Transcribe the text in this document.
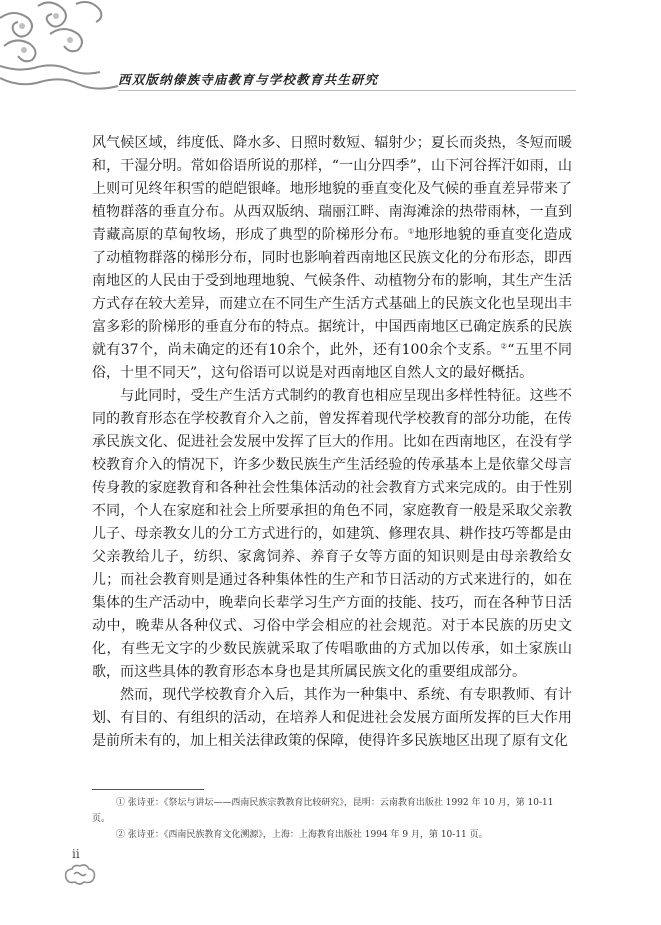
西双版纳傣族寺庙教育与学校教育共生研究

风气候区域，纬度低、降水多、日照时数短、辐射少；夏长而炎热，冬短而暖和，干湿分明。常如俗语所说的那样，“一山分四季”，山下河谷挥汗如雨，山上则可见终年积雪的皑皑银峰。地形地貌的垂直变化及气候的垂直差异带来了植物群落的垂直分布。从西双版纳、瑞丽江畔、南海滩涂的热带雨林，一直到青藏高原的草甸牧场，形成了典型的阶梯形分布。①地形地貌的垂直变化造成了动植物群落的梯形分布，同时也影响着西南地区民族文化的分布形态，即西南地区的人民由于受到地理地貌、气候条件、动植物分布的影响，其生产生活方式存在较大差异，而建立在不同生产生活方式基础上的民族文化也呈现出丰富多彩的阶梯形的垂直分布的特点。据统计，中国西南地区已确定族系的民族就有37个，尚未确定的还有10余个，此外，还有100余个支系。②“五里不同俗，十里不同天”，这句俗语可以说是对西南地区自然人文的最好概括。

与此同时，受生产生活方式制约的教育也相应呈现出多样性特征。这些不同的教育形态在学校教育介入之前，曾发挥着现代学校教育的部分功能，在传承民族文化、促进社会发展中发挥了巨大的作用。比如在西南地区，在没有学校教育介入的情况下，许多少数民族生产生活经验的传承基本上是依靠父母言传身教的家庭教育和各种社会性集体活动的社会教育方式来完成的。由于性别不同，个人在家庭和社会上所要承担的角色不同，家庭教育一般是采取父亲教儿子、母亲教女儿的分工方式进行的，如建筑、修理农具、耕作技巧等都是由父亲教给儿子，纺织、家禽饲养、养育子女等方面的知识则是由母亲教给女儿；而社会教育则是通过各种集体性的生产和节日活动的方式来进行的，如在集体的生产活动中，晚辈向长辈学习生产方面的技能、技巧，而在各种节日活动中，晚辈从各种仪式、习俗中学会相应的社会规范。对于本民族的历史文化，有些无文字的少数民族就采取了传唱歌曲的方式加以传承，如土家族山歌，而这些具体的教育形态本身也是其所属民族文化的重要组成部分。

然而，现代学校教育介入后，其作为一种集中、系统、有专职教师、有计划、有目的、有组织的活动，在培养人和促进社会发展方面所发挥的巨大作用是前所未有的，加上相关法律政策的保障，使得许多民族地区出现了原有文化

① 张诗亚：《祭坛与讲坛——西南民族宗教教育比较研究》，昆明：云南教育出版社 1992 年 10 月，第 10-11 页。

② 张诗亚：《西南民族教育文化溯源》，上海：上海教育出版社 1994 年 9 月，第 10-11 页。

ii
